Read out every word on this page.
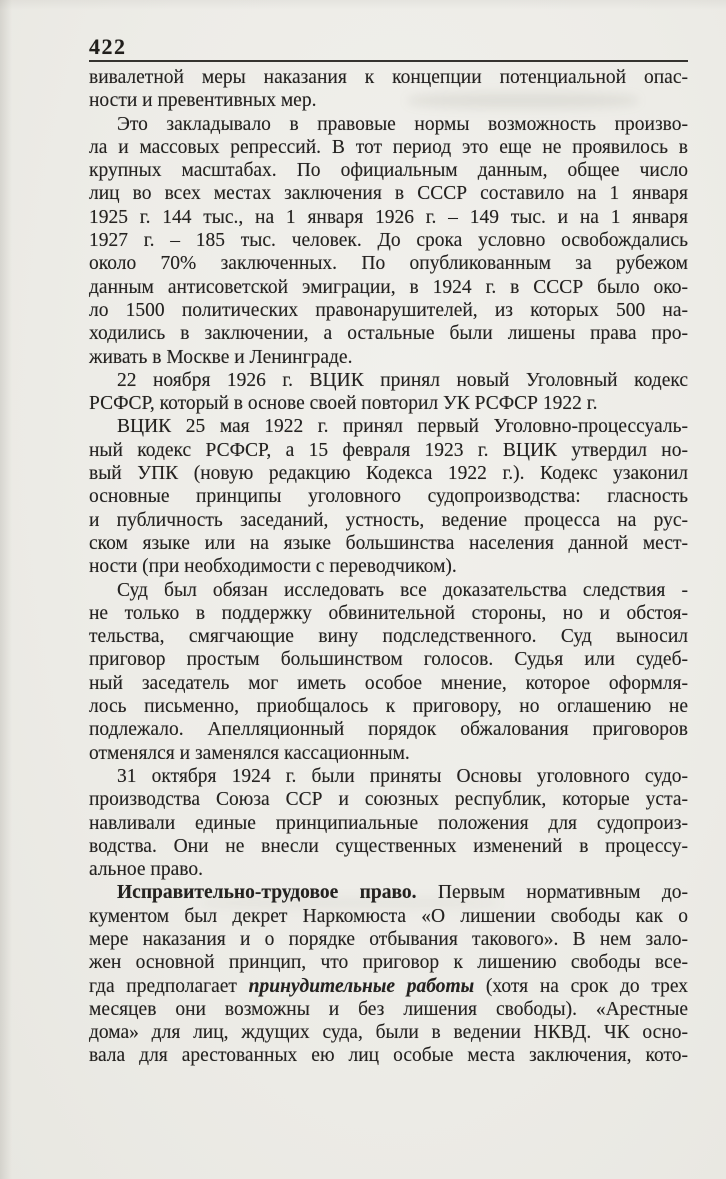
422
вивалетной меры наказания к концепции потенциальной опас-
ности и превентивных мер.
Это закладывало в правовые нормы возможность произво-
ла и массовых репрессий. В тот период это еще не проявилось в
крупных масштабах. По официальным данным, общее число
лиц во всех местах заключения в СССР составило на 1 января
1925 г. 144 тыс., на 1 января 1926 г. – 149 тыс. и на 1 января
1927 г. – 185 тыс. человек. До срока условно освобождались
около 70% заключенных. По опубликованным за рубежом
данным антисоветской эмиграции, в 1924 г. в СССР было око-
ло 1500 политических правонарушителей, из которых 500 на-
ходились в заключении, а остальные были лишены права про-
живать в Москве и Ленинграде.
22 ноября 1926 г. ВЦИК принял новый Уголовный кодекс
РСФСР, который в основе своей повторил УК РСФСР 1922 г.
ВЦИК 25 мая 1922 г. принял первый Уголовно-процессуаль-
ный кодекс РСФСР, а 15 февраля 1923 г. ВЦИК утвердил но-
вый УПК (новую редакцию Кодекса 1922 г.). Кодекс узаконил
основные принципы уголовного судопроизводства: гласность
и публичность заседаний, устность, ведение процесса на рус-
ском языке или на языке большинства населения данной мест-
ности (при необходимости с переводчиком).
Суд был обязан исследовать все доказательства следствия -
не только в поддержку обвинительной стороны, но и обстоя-
тельства, смягчающие вину подследственного. Суд выносил
приговор простым большинством голосов. Судья или судеб-
ный заседатель мог иметь особое мнение, которое оформля-
лось письменно, приобщалось к приговору, но оглашению не
подлежало. Апелляционный порядок обжалования приговоров
отменялся и заменялся кассационным.
31 октября 1924 г. были приняты Основы уголовного судо-
производства Союза ССР и союзных республик, которые уста-
навливали единые принципиальные положения для судопроиз-
водства. Они не внесли существенных изменений в процессу-
альное право.
Исправительно-трудовое право. Первым нормативным до-
кументом был декрет Наркомюста «О лишении свободы как о
мере наказания и о порядке отбывания такового». В нем зало-
жен основной принцип, что приговор к лишению свободы все-
гда предполагает принудительные работы (хотя на срок до трех
месяцев они возможны и без лишения свободы). «Арестные
дома» для лиц, ждущих суда, были в ведении НКВД. ЧК осно-
вала для арестованных ею лиц особые места заключения, кото-
